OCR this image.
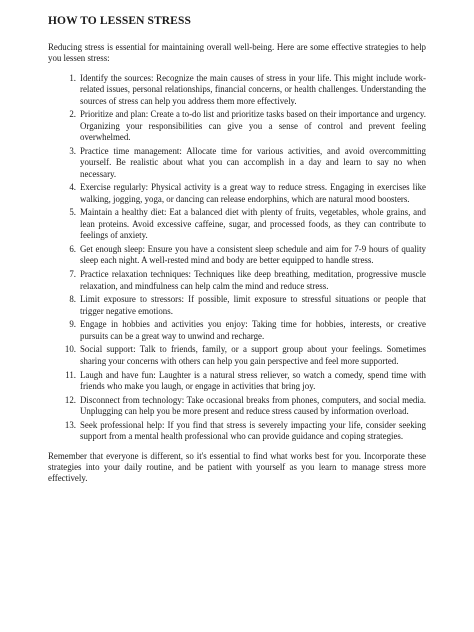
HOW TO LESSEN STRESS

Reducing stress is essential for maintaining overall well-being. Here are some effective strategies to help you lessen stress:

1. Identify the sources: Recognize the main causes of stress in your life. This might include work-related issues, personal relationships, financial concerns, or health challenges. Understanding the sources of stress can help you address them more effectively.
2. Prioritize and plan: Create a to-do list and prioritize tasks based on their importance and urgency. Organizing your responsibilities can give you a sense of control and prevent feeling overwhelmed.
3. Practice time management: Allocate time for various activities, and avoid overcommitting yourself. Be realistic about what you can accomplish in a day and learn to say no when necessary.
4. Exercise regularly: Physical activity is a great way to reduce stress. Engaging in exercises like walking, jogging, yoga, or dancing can release endorphins, which are natural mood boosters.
5. Maintain a healthy diet: Eat a balanced diet with plenty of fruits, vegetables, whole grains, and lean proteins. Avoid excessive caffeine, sugar, and processed foods, as they can contribute to feelings of anxiety.
6. Get enough sleep: Ensure you have a consistent sleep schedule and aim for 7-9 hours of quality sleep each night. A well-rested mind and body are better equipped to handle stress.
7. Practice relaxation techniques: Techniques like deep breathing, meditation, progressive muscle relaxation, and mindfulness can help calm the mind and reduce stress.
8. Limit exposure to stressors: If possible, limit exposure to stressful situations or people that trigger negative emotions.
9. Engage in hobbies and activities you enjoy: Taking time for hobbies, interests, or creative pursuits can be a great way to unwind and recharge.
10. Social support: Talk to friends, family, or a support group about your feelings. Sometimes sharing your concerns with others can help you gain perspective and feel more supported.
11. Laugh and have fun: Laughter is a natural stress reliever, so watch a comedy, spend time with friends who make you laugh, or engage in activities that bring joy.
12. Disconnect from technology: Take occasional breaks from phones, computers, and social media. Unplugging can help you be more present and reduce stress caused by information overload.
13. Seek professional help: If you find that stress is severely impacting your life, consider seeking support from a mental health professional who can provide guidance and coping strategies.

Remember that everyone is different, so it's essential to find what works best for you. Incorporate these strategies into your daily routine, and be patient with yourself as you learn to manage stress more effectively.
